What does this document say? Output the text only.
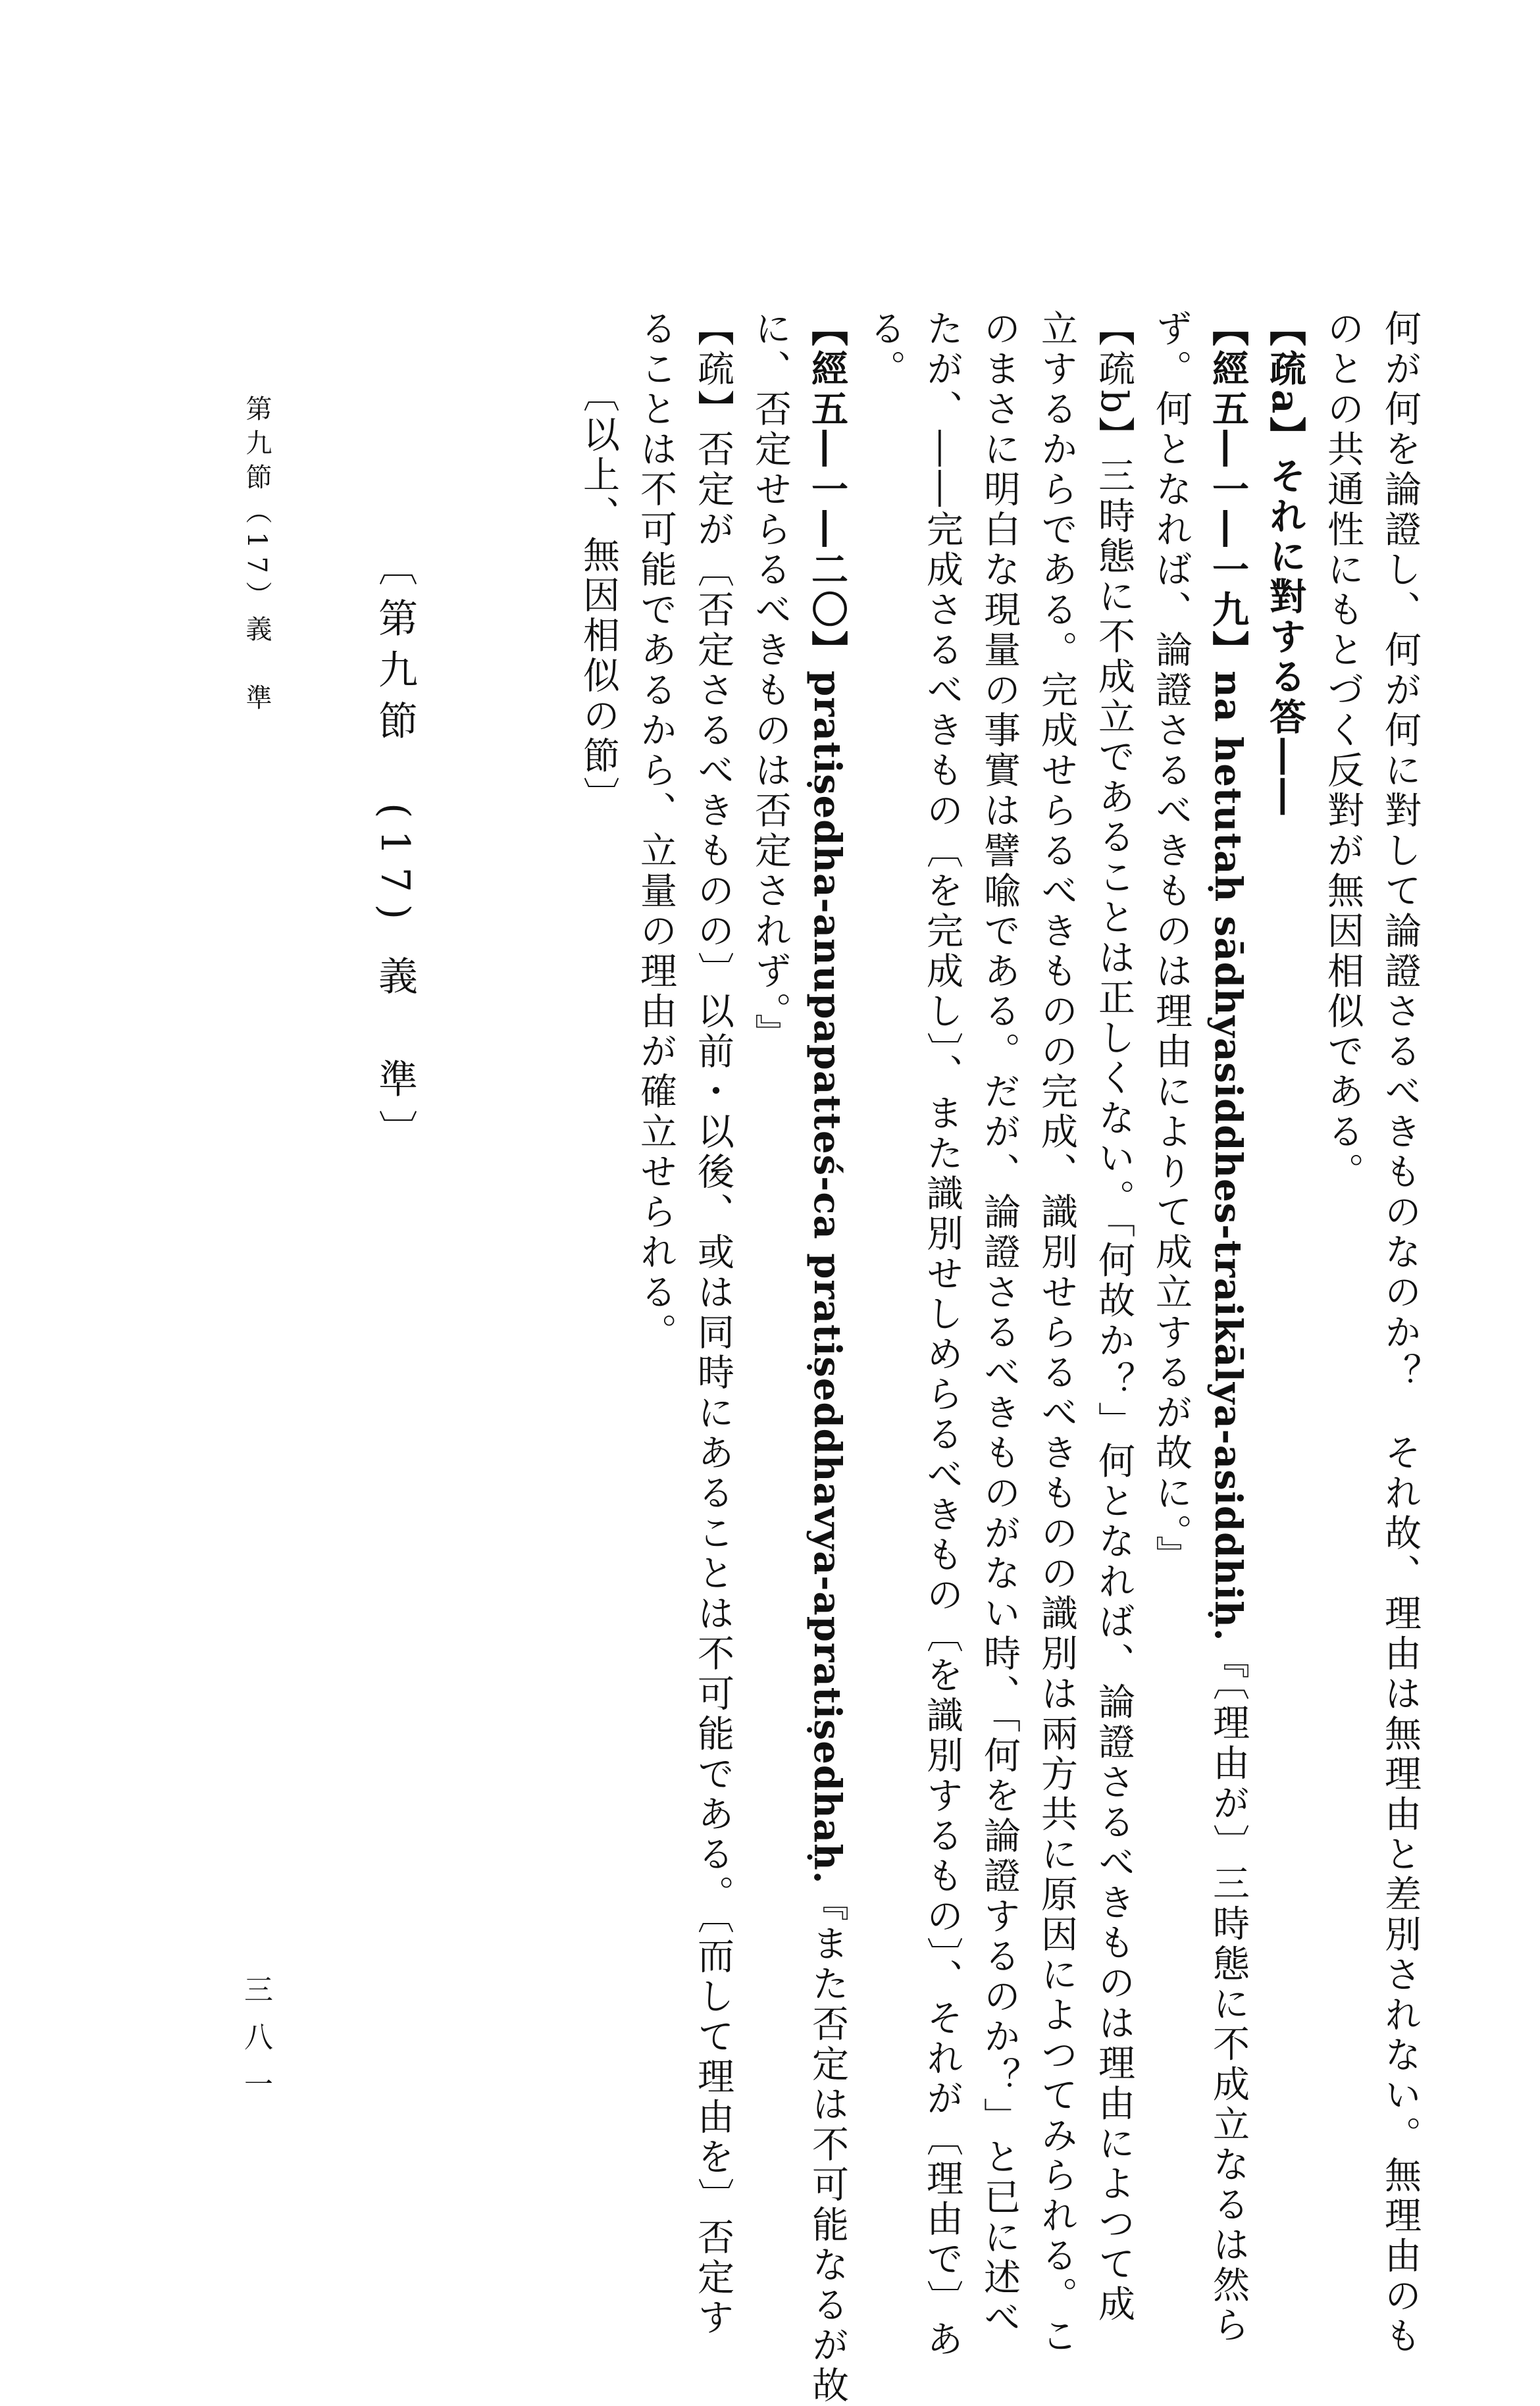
何が何を論證し、何が何に對して論證さるべきものなのか？　それ故、理由は無理由と差別されない。無理由のも
のとの共通性にもとづく反對が無因相似である。
【疏a】それに對する答――
【經五―一―一九】na hetutaḥ sādhyasiddhes-traikālya-asiddhiḥ.『〔理由が〕三時態に不成立なるは然ら
ず。何となれば、論證さるべきものは理由によりて成立するが故に。』
【疏b】三時態に不成立であることは正しくない。「何故か？」何となれば、論證さるべきものは理由によつて成
立するからである。完成せらるべきものの完成、識別せらるべきものの識別は兩方共に原因によつてみられる。こ
のまさに明白な現量の事實は譬喩である。だが、論證さるべきものがない時、「何を論證するのか？」と已に述べ
たが、――完成さるべきもの〔を完成し〕、また識別せしめらるべきもの〔を識別するもの〕、それが〔理由で〕あ
る。
【經五―一―二〇】pratiṣedha-anupapatteś-ca pratiṣeddhavya-apratiṣedhaḥ.『また否定は不可能なるが故
に、否定せらるべきものは否定されず。』
【疏】否定が〔否定さるべきものの〕以前・以後、或は同時にあることは不可能である。〔而して理由を〕否定す
ることは不可能であるから、立量の理由が確立せられる。
〔以上、無因相似の節〕
〔第九節　(17) 義　準〕
第九節（17）義　準
三八一
